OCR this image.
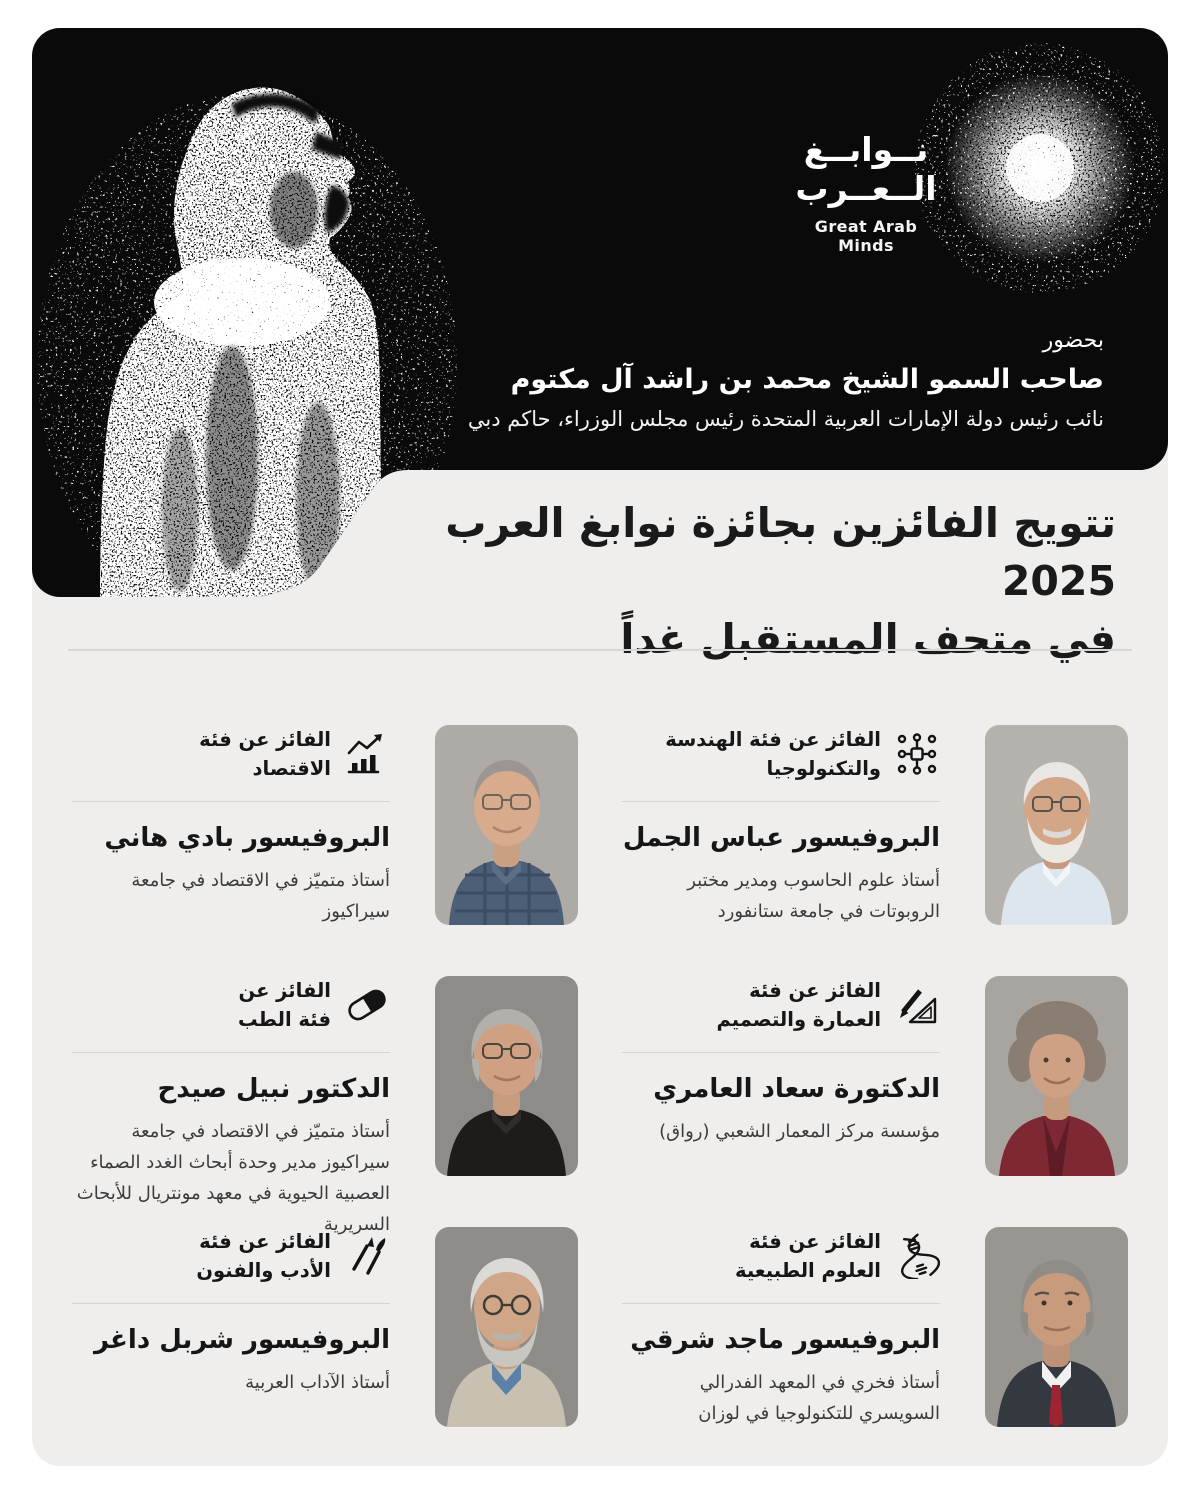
نــوابــغ
الــعــرب
Great Arab Minds
بحضور
صاحب السمو الشيخ محمد بن راشد آل مكتوم
نائب رئيس دولة الإمارات العربية المتحدة رئيس مجلس الوزراء، حاكم دبي
تتويج الفائزين بجائزة نوابغ العرب 2025
في متحف المستقبل غداً
الفائز عن فئة الهندسة
والتكنولوجيا
البروفيسور عباس الجمل

أستاذ علوم الحاسوب ومدير مختبر الروبوتات في جامعة ستانفورد

الفائز عن فئة
الاقتصاد
البروفيسور بادي هاني

أستاذ متميّز في الاقتصاد في جامعة سيراكيوز

الفائز عن فئة
العمارة والتصميم
الدكتورة سعاد العامري

مؤسسة مركز المعمار الشعبي (رواق)

الفائز عن
فئة الطب
الدكتور نبيل صيدح

أستاذ متميّز في الاقتصاد في جامعة سيراكيوز مدير وحدة أبحاث الغدد الصماء العصبية الحيوية في معهد مونتريال للأبحاث السريرية

الفائز عن فئة
العلوم الطبيعية
البروفيسور ماجد شرقي

أستاذ فخري في المعهد الفدرالي السويسري للتكنولوجيا في لوزان

الفائز عن فئة
الأدب والفنون
البروفيسور شربل داغر

أستاذ الآداب العربية
